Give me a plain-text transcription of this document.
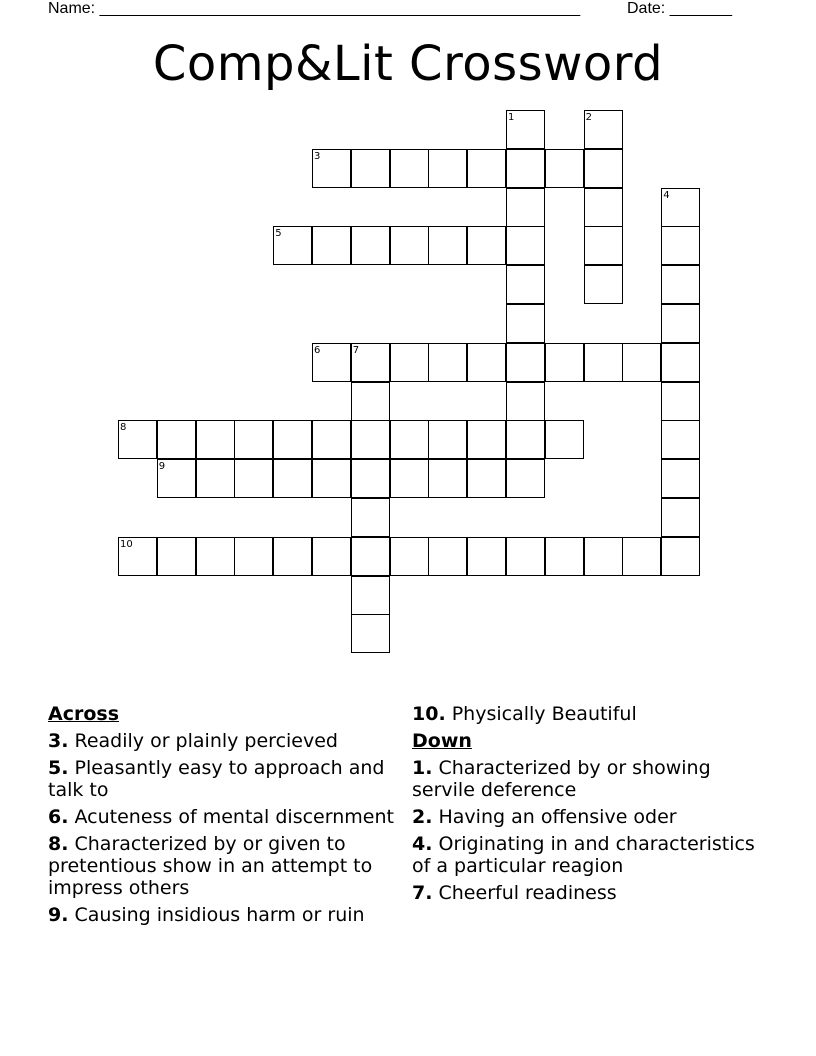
Name: ______________________________________________________	Date: _______
Comp&Lit Crossword
1	2
3
4
5
6	7
8
9
10
Across
3. Readily or plainly percieved
5. Pleasantly easy to approach and talk to
6. Acuteness of mental discernment
8. Characterized by or given to pretentious show in an attempt to impress others
9. Causing insidious harm or ruin
10. Physically Beautiful
Down
1. Characterized by or showing servile deference
2. Having an offensive oder
4. Originating in and characteristics of a particular reagion
7. Cheerful readiness
